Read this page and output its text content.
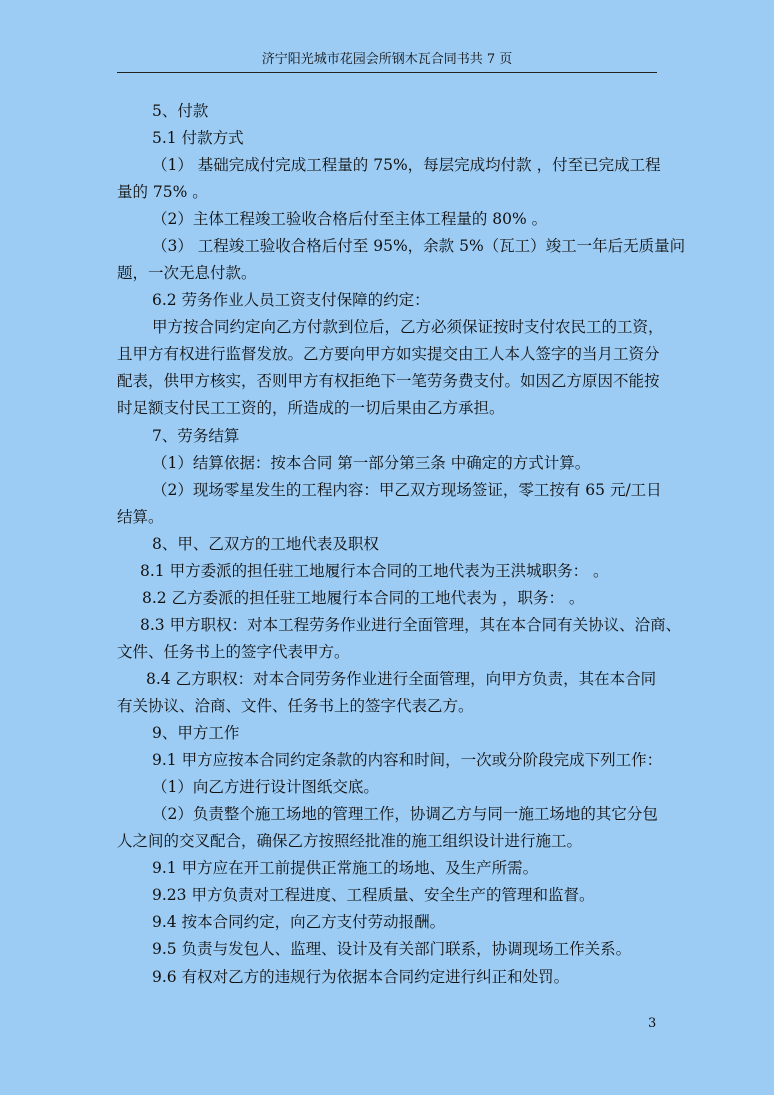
济宁阳光城市花园会所钢木瓦合同书共 7 页
5、付款
5.1 付款方式
（1） 基础完成付完成工程量的 75%，每层完成均付款 ，付至已完成工程
量的 75% 。
（2）主体工程竣工验收合格后付至主体工程量的 80% 。
（3） 工程竣工验收合格后付至 95%，余款 5%（瓦工）竣工一年后无质量问
题，一次无息付款。
6.2 劳务作业人员工资支付保障的约定：
甲方按合同约定向乙方付款到位后，乙方必须保证按时支付农民工的工资，
且甲方有权进行监督发放。乙方要向甲方如实提交由工人本人签字的当月工资分
配表，供甲方核实，否则甲方有权拒绝下一笔劳务费支付。如因乙方原因不能按
时足额支付民工工资的，所造成的一切后果由乙方承担。
7、劳务结算
（1）结算依据：按本合同 第一部分第三条 中确定的方式计算。
（2）现场零星发生的工程内容：甲乙双方现场签证，零工按有 65 元/工日
结算。
8、甲、乙双方的工地代表及职权
8.1 甲方委派的担任驻工地履行本合同的工地代表为王洪城职务： 。
8.2 乙方委派的担任驻工地履行本合同的工地代表为 ，职务： 。
8.3 甲方职权：对本工程劳务作业进行全面管理，其在本合同有关协议、洽商、
文件、任务书上的签字代表甲方。
8.4 乙方职权：对本合同劳务作业进行全面管理，向甲方负责，其在本合同
有关协议、洽商、文件、任务书上的签字代表乙方。
9、甲方工作
9.1 甲方应按本合同约定条款的内容和时间，一次或分阶段完成下列工作：
（1）向乙方进行设计图纸交底。
（2）负责整个施工场地的管理工作，协调乙方与同一施工场地的其它分包
人之间的交叉配合，确保乙方按照经批准的施工组织设计进行施工。
9.1 甲方应在开工前提供正常施工的场地、及生产所需。
9.23 甲方负责对工程进度、工程质量、安全生产的管理和监督。
9.4 按本合同约定，向乙方支付劳动报酬。
9.5 负责与发包人、监理、设计及有关部门联系，协调现场工作关系。
9.6 有权对乙方的违规行为依据本合同约定进行纠正和处罚。
3
